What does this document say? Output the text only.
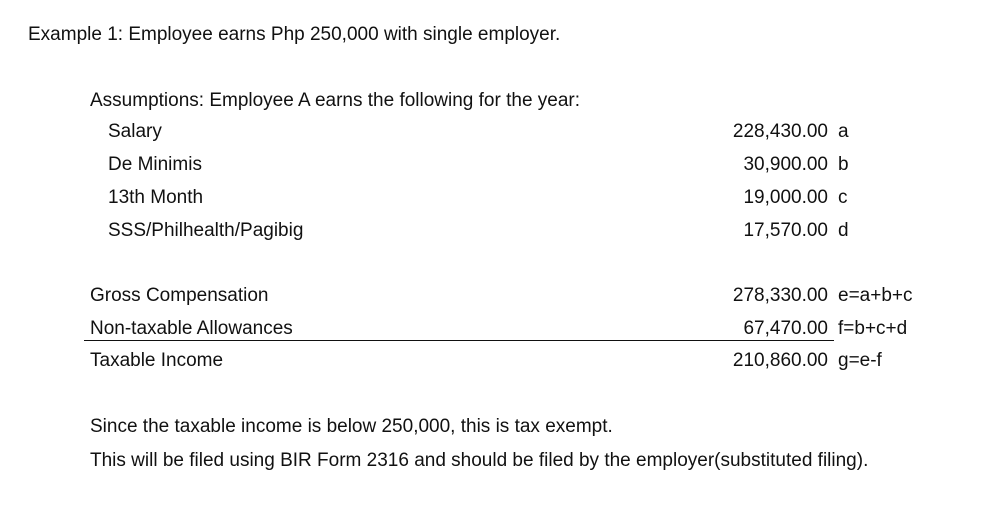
Example 1: Employee earns Php 250,000 with single employer.
Assumptions: Employee A earns the following for the year:
Salary	228,430.00 a
De Minimis	30,900.00 b
13th Month	19,000.00 c
SSS/Philhealth/Pagibig	17,570.00 d
Gross Compensation	278,330.00 e=a+b+c
Non-taxable Allowances	67,470.00 f=b+c+d
Taxable Income	210,860.00 g=e-f
Since the taxable income is below 250,000, this is tax exempt.
This will be filed using BIR Form 2316 and should be filed by the employer(substituted filing).
